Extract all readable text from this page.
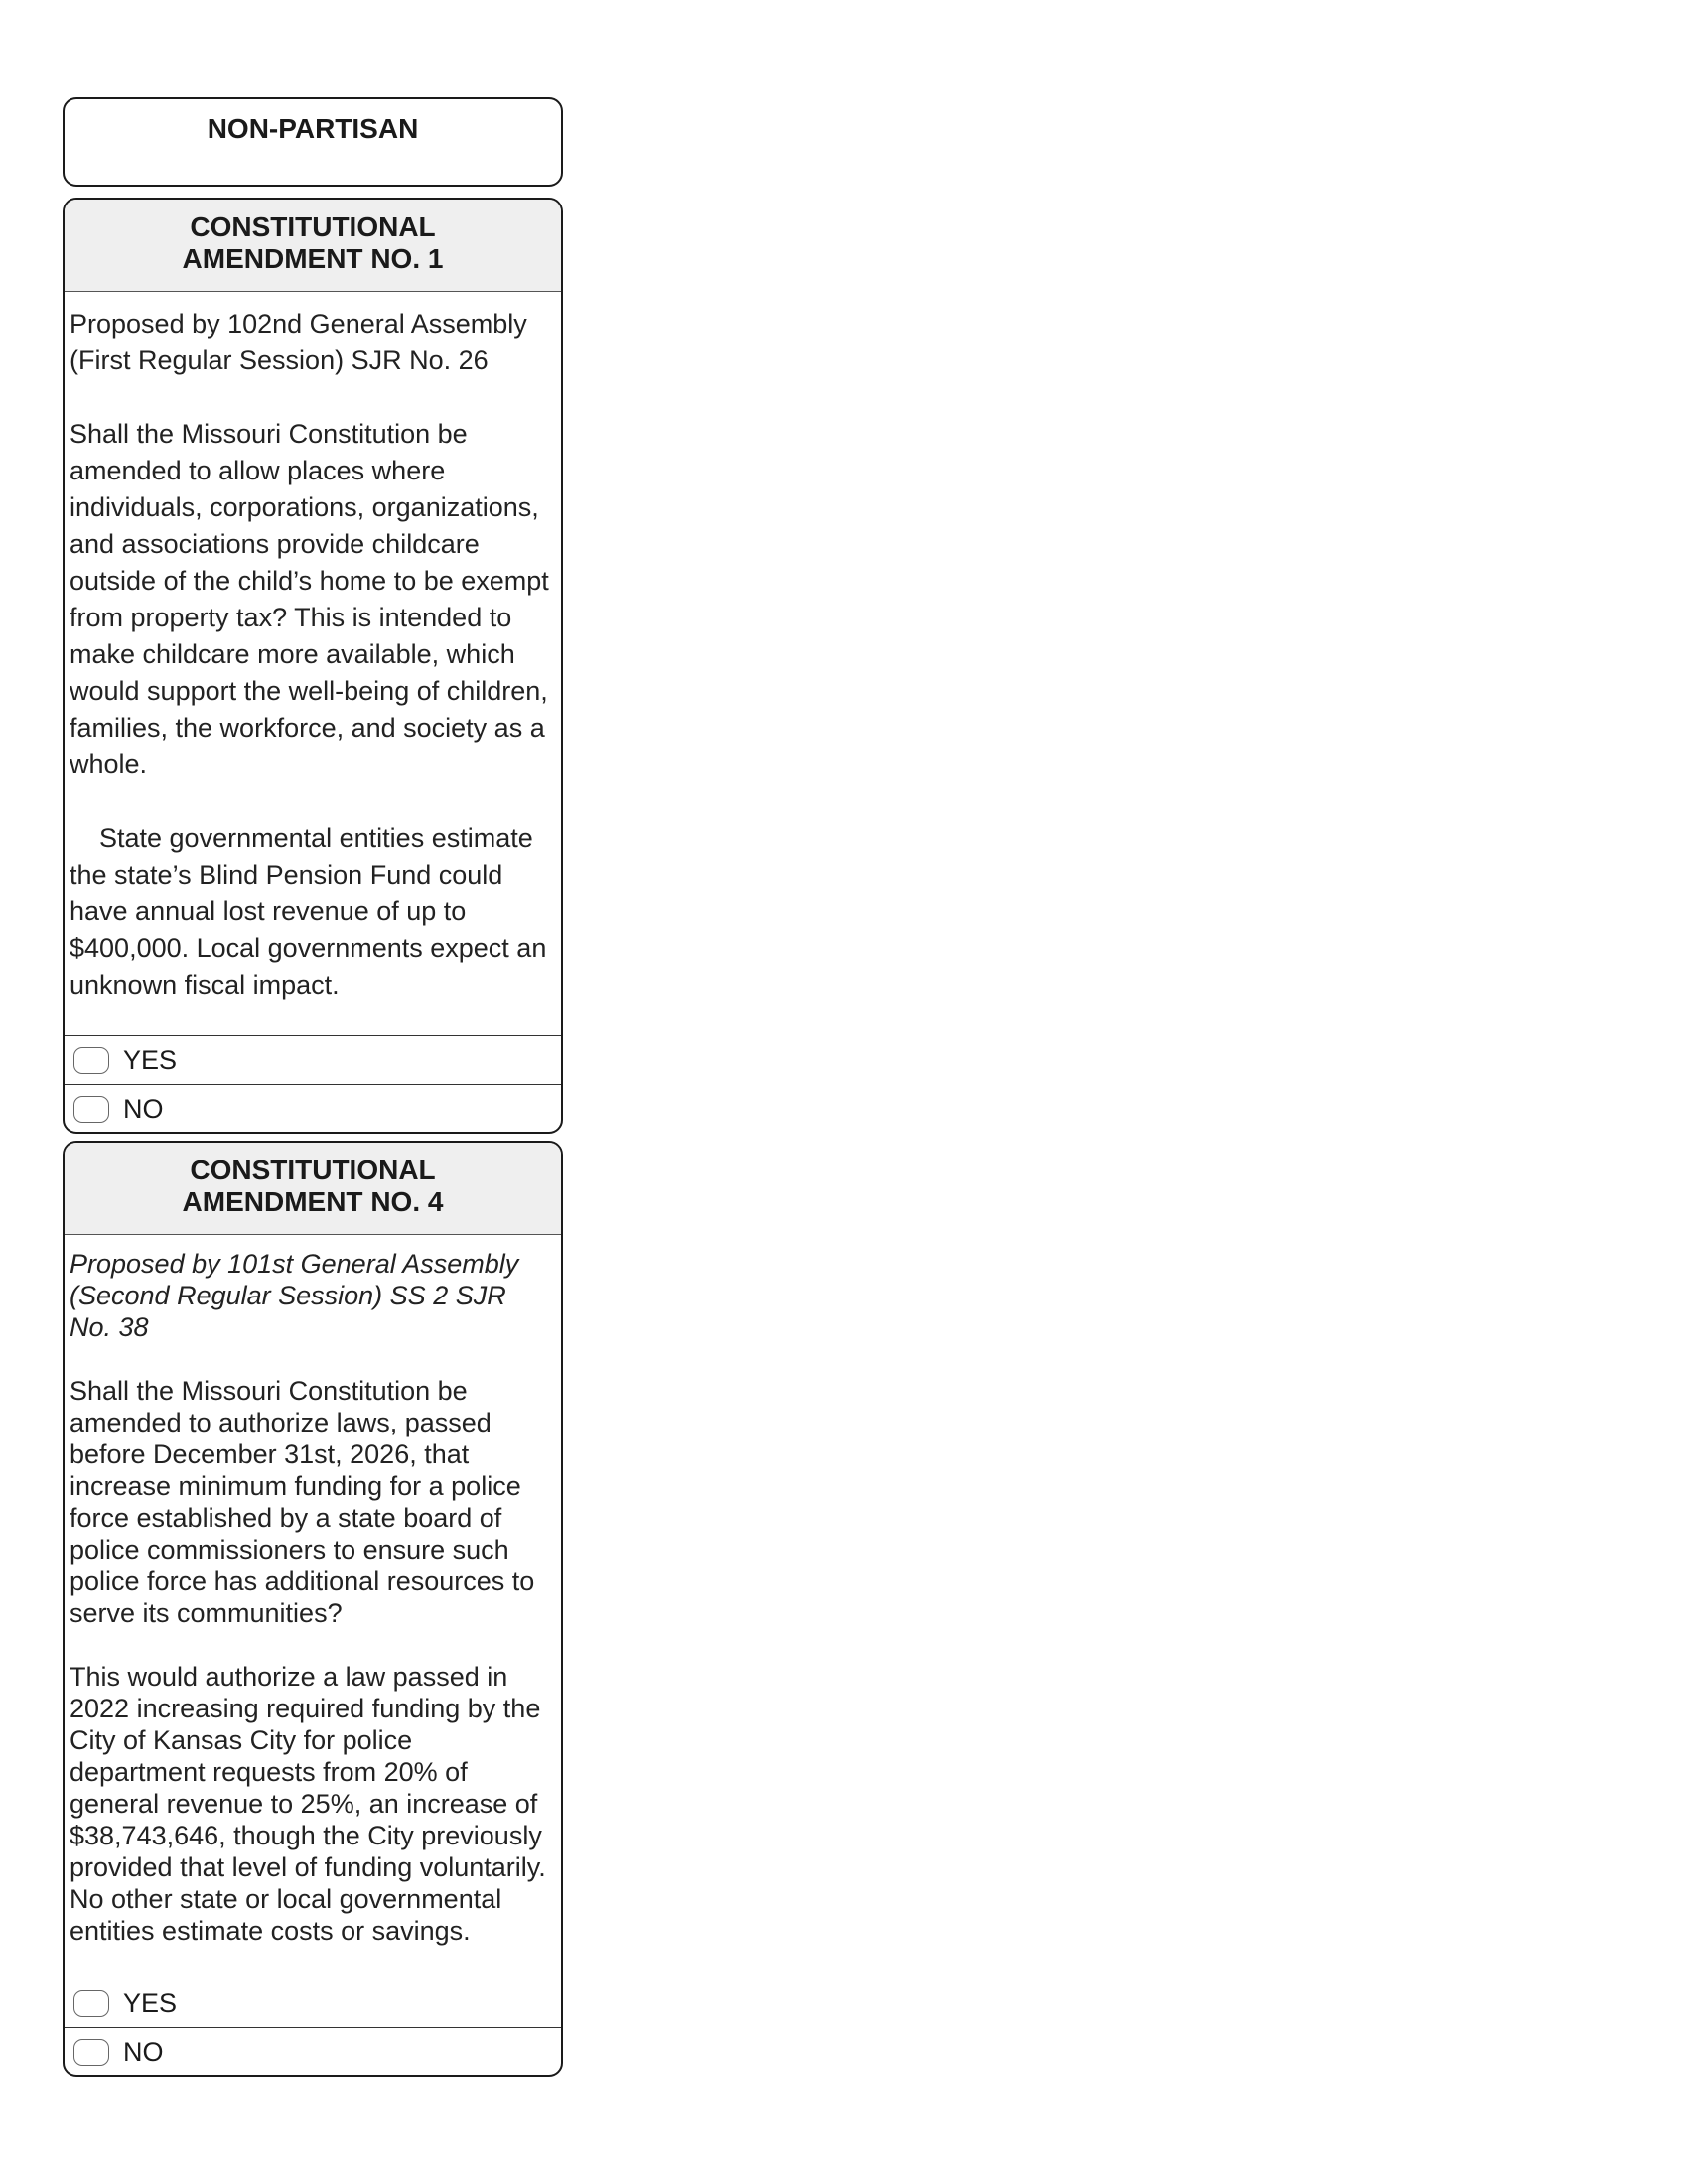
NON-PARTISAN
CONSTITUTIONAL
AMENDMENT NO. 1
Proposed by 102nd General Assembly
(First Regular Session) SJR No. 26
Shall the Missouri Constitution be
amended to allow places where
individuals, corporations, organizations,
and associations provide childcare
outside of the child’s home to be exempt
from property tax? This is intended to
make childcare more available, which
would support the well-being of children,
families, the workforce, and society as a
whole.
State governmental entities estimate
the state’s Blind Pension Fund could
have annual lost revenue of up to
$400,000. Local governments expect an
unknown fiscal impact.
YES
NO
CONSTITUTIONAL
AMENDMENT NO. 4
Proposed by 101st General Assembly
(Second Regular Session) SS 2 SJR
No. 38
Shall the Missouri Constitution be
amended to authorize laws, passed
before December 31st, 2026, that
increase minimum funding for a police
force established by a state board of
police commissioners to ensure such
police force has additional resources to
serve its communities?
This would authorize a law passed in
2022 increasing required funding by the
City of Kansas City for police
department requests from 20% of
general revenue to 25%, an increase of
$38,743,646, though the City previously
provided that level of funding voluntarily.
No other state or local governmental
entities estimate costs or savings.
YES
NO
